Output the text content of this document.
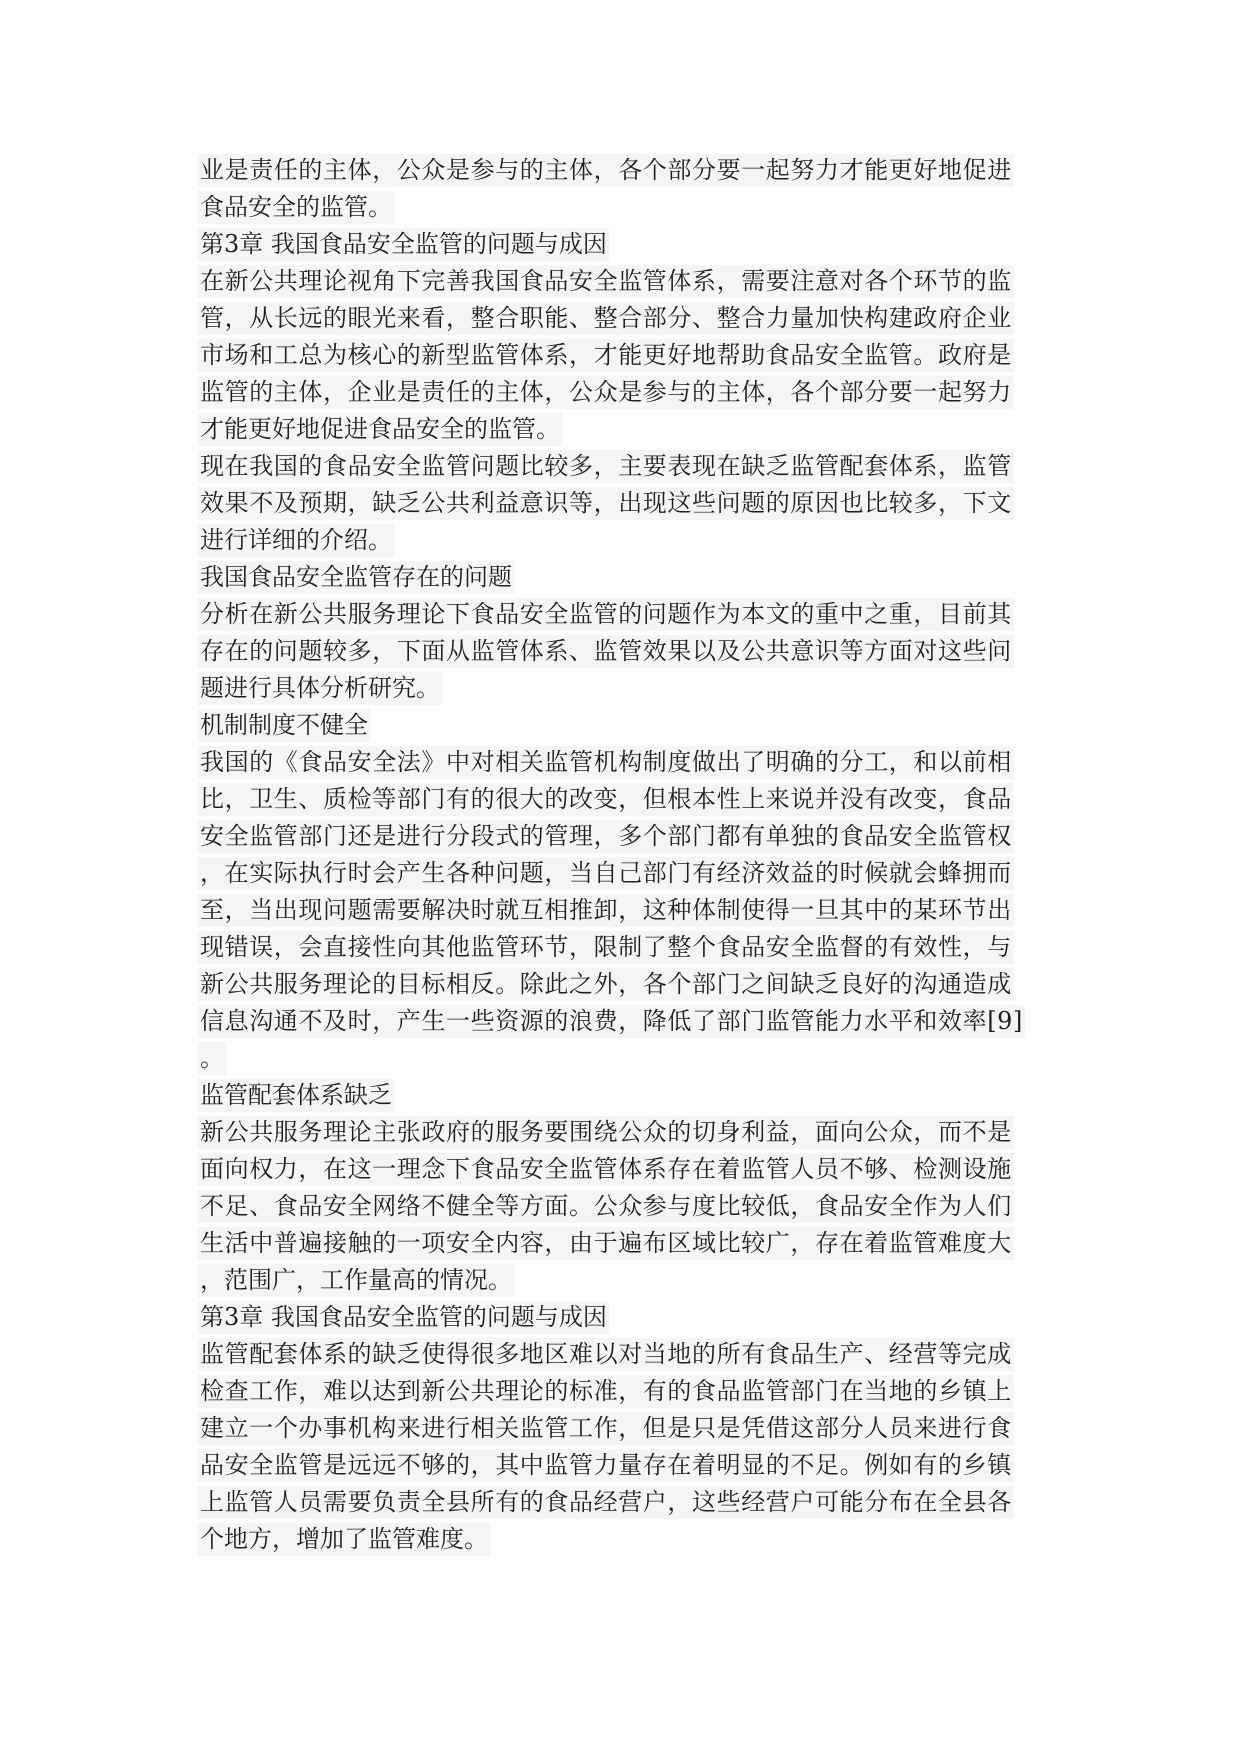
业是责任的主体，公众是参与的主体，各个部分要一起努力才能更好地促进
食品安全的监管。
第3章 我国食品安全监管的问题与成因
在新公共理论视角下完善我国食品安全监管体系，需要注意对各个环节的监
管，从长远的眼光来看，整合职能、整合部分、整合力量加快构建政府企业
市场和工总为核心的新型监管体系，才能更好地帮助食品安全监管。政府是
监管的主体，企业是责任的主体，公众是参与的主体，各个部分要一起努力
才能更好地促进食品安全的监管。
现在我国的食品安全监管问题比较多，主要表现在缺乏监管配套体系，监管
效果不及预期，缺乏公共利益意识等，出现这些问题的原因也比较多，下文
进行详细的介绍。
我国食品安全监管存在的问题
分析在新公共服务理论下食品安全监管的问题作为本文的重中之重，目前其
存在的问题较多，下面从监管体系、监管效果以及公共意识等方面对这些问
题进行具体分析研究。
机制制度不健全
我国的《食品安全法》中对相关监管机构制度做出了明确的分工，和以前相
比，卫生、质检等部门有的很大的改变，但根本性上来说并没有改变，食品
安全监管部门还是进行分段式的管理，多个部门都有单独的食品安全监管权
，在实际执行时会产生各种问题，当自己部门有经济效益的时候就会蜂拥而
至，当出现问题需要解决时就互相推卸，这种体制使得一旦其中的某环节出
现错误，会直接性向其他监管环节，限制了整个食品安全监督的有效性，与
新公共服务理论的目标相反。除此之外，各个部门之间缺乏良好的沟通造成
信息沟通不及时，产生一些资源的浪费，降低了部门监管能力水平和效率[9]
。
监管配套体系缺乏
新公共服务理论主张政府的服务要围绕公众的切身利益，面向公众，而不是
面向权力，在这一理念下食品安全监管体系存在着监管人员不够、检测设施
不足、食品安全网络不健全等方面。公众参与度比较低，食品安全作为人们
生活中普遍接触的一项安全内容，由于遍布区域比较广，存在着监管难度大
，范围广，工作量高的情况。
第3章 我国食品安全监管的问题与成因
监管配套体系的缺乏使得很多地区难以对当地的所有食品生产、经营等完成
检查工作，难以达到新公共理论的标准，有的食品监管部门在当地的乡镇上
建立一个办事机构来进行相关监管工作，但是只是凭借这部分人员来进行食
品安全监管是远远不够的，其中监管力量存在着明显的不足。例如有的乡镇
上监管人员需要负责全县所有的食品经营户，这些经营户可能分布在全县各
个地方，增加了监管难度。
